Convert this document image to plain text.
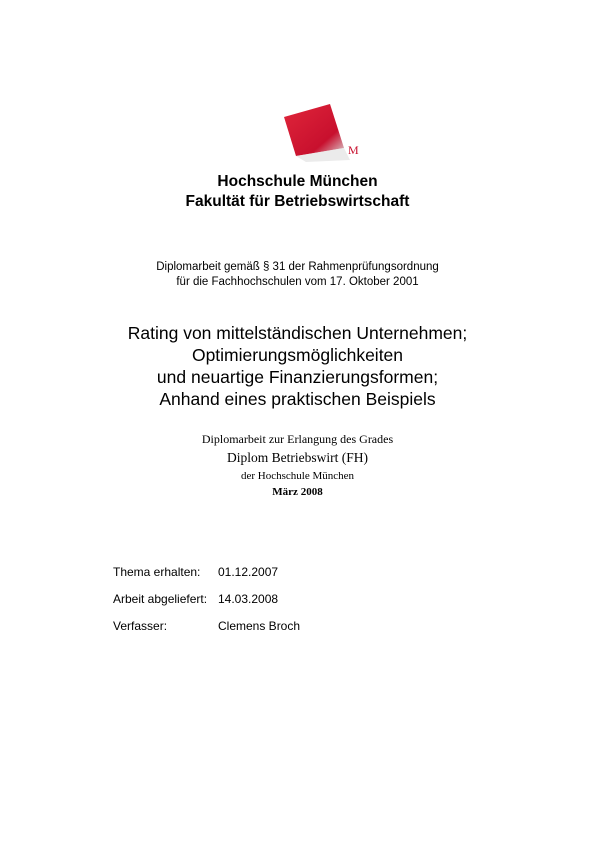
M
Hochschule München
Fakultät für Betriebswirtschaft
Diplomarbeit gemäß § 31 der Rahmenprüfungsordnung
für die Fachhochschulen vom 17. Oktober 2001
Rating von mittelständischen Unternehmen;
Optimierungsmöglichkeiten
und neuartige Finanzierungsformen;
Anhand eines praktischen Beispiels
Diplomarbeit zur Erlangung des Grades
Diplom Betriebswirt (FH)
der Hochschule München
März 2008
Thema erhalten:	01.12.2007
Arbeit abgeliefert: 14.03.2008
Verfasser:	Clemens Broch
